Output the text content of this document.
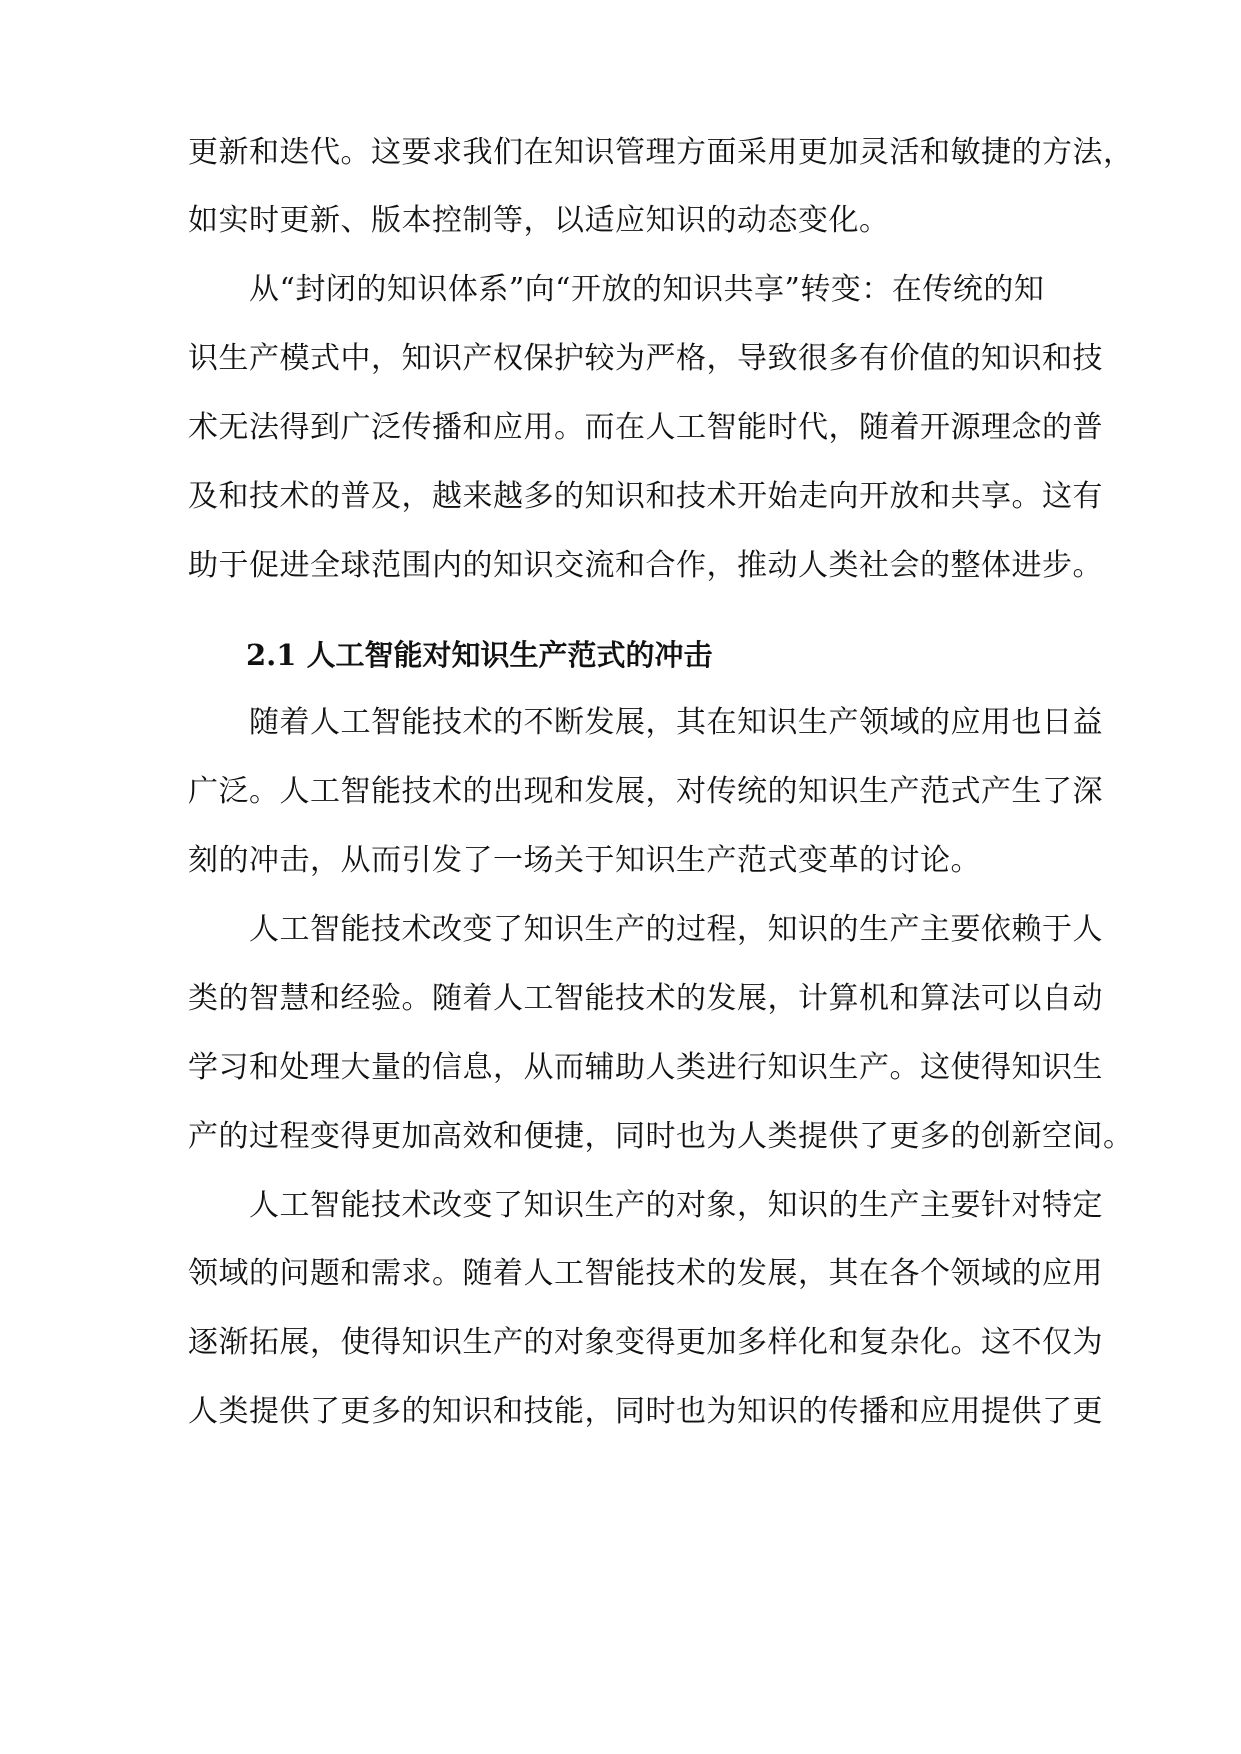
更新和迭代。这要求我们在知识管理方面采用更加灵活和敏捷的方法，
如实时更新、版本控制等，以适应知识的动态变化。
　　从“封闭的知识体系”向“开放的知识共享”转变：在传统的知
识生产模式中，知识产权保护较为严格，导致很多有价值的知识和技
术无法得到广泛传播和应用。而在人工智能时代，随着开源理念的普
及和技术的普及，越来越多的知识和技术开始走向开放和共享。这有
助于促进全球范围内的知识交流和合作，推动人类社会的整体进步。
2.1 人工智能对知识生产范式的冲击
　　随着人工智能技术的不断发展，其在知识生产领域的应用也日益
广泛。人工智能技术的出现和发展，对传统的知识生产范式产生了深
刻的冲击，从而引发了一场关于知识生产范式变革的讨论。
　　人工智能技术改变了知识生产的过程，知识的生产主要依赖于人
类的智慧和经验。随着人工智能技术的发展，计算机和算法可以自动
学习和处理大量的信息，从而辅助人类进行知识生产。这使得知识生
产的过程变得更加高效和便捷，同时也为人类提供了更多的创新空间。
　　人工智能技术改变了知识生产的对象，知识的生产主要针对特定
领域的问题和需求。随着人工智能技术的发展，其在各个领域的应用
逐渐拓展，使得知识生产的对象变得更加多样化和复杂化。这不仅为
人类提供了更多的知识和技能，同时也为知识的传播和应用提供了更
